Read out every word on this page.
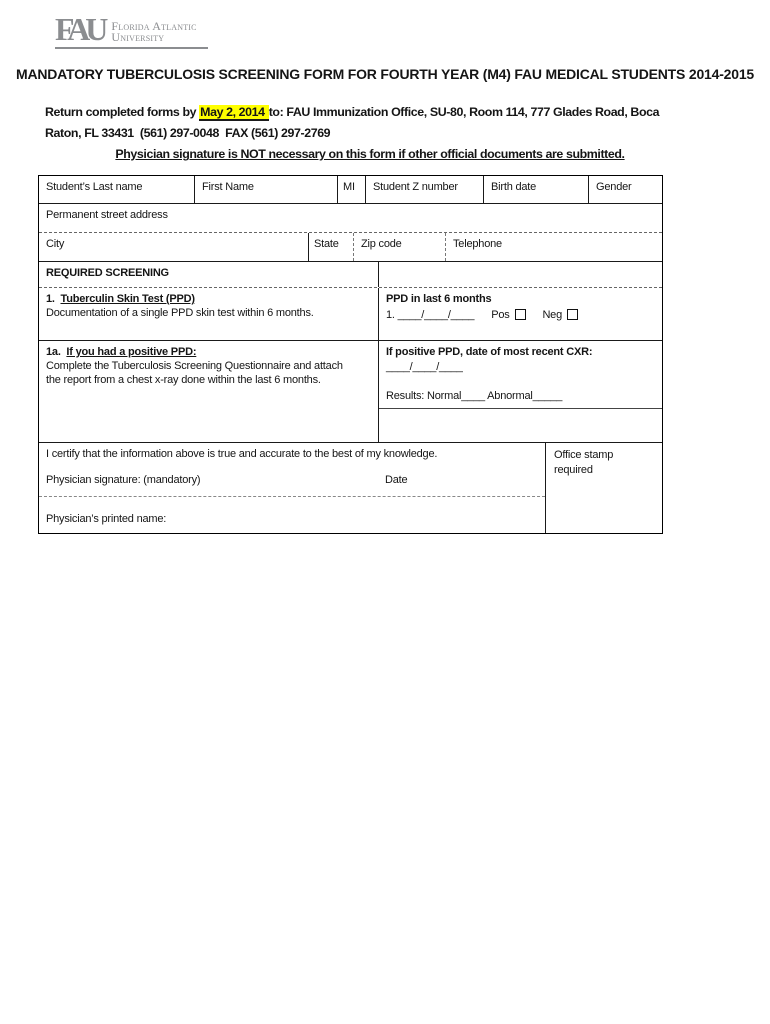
FAU Florida Atlantic
University
MANDATORY TUBERCULOSIS SCREENING FORM FOR FOURTH YEAR (M4) FAU MEDICAL STUDENTS 2014-2015
Return completed forms by May 2, 2014 to: FAU Immunization Office, SU-80, Room 114, 777 Glades Road, Boca
Raton, FL 33431  (561) 297-0048  FAX (561) 297-2769
Physician signature is NOT necessary on this form if other official documents are submitted.
Student’s Last name	First Name	MI	Student Z number	Birth date	Gender
Permanent street address
City	State	Zip code	Telephone
REQUIRED SCREENING
1.  Tuberculin Skin Test (PPD)
Documentation of a single PPD skin test within 6 months.
PPD in last 6 months
1. ____/____/____ Pos	Neg
1a.  If you had a positive PPD:
Complete the Tuberculosis Screening Questionnaire and attach
the report from a chest x-ray done within the last 6 months.
If positive PPD, date of most recent CXR:
____/____/____
Results: Normal____ Abnormal_____
I certify that the information above is true and accurate to the best of my knowledge.
Physician signature: (mandatory)	Date
Physician’s printed name:
Office stamp required
